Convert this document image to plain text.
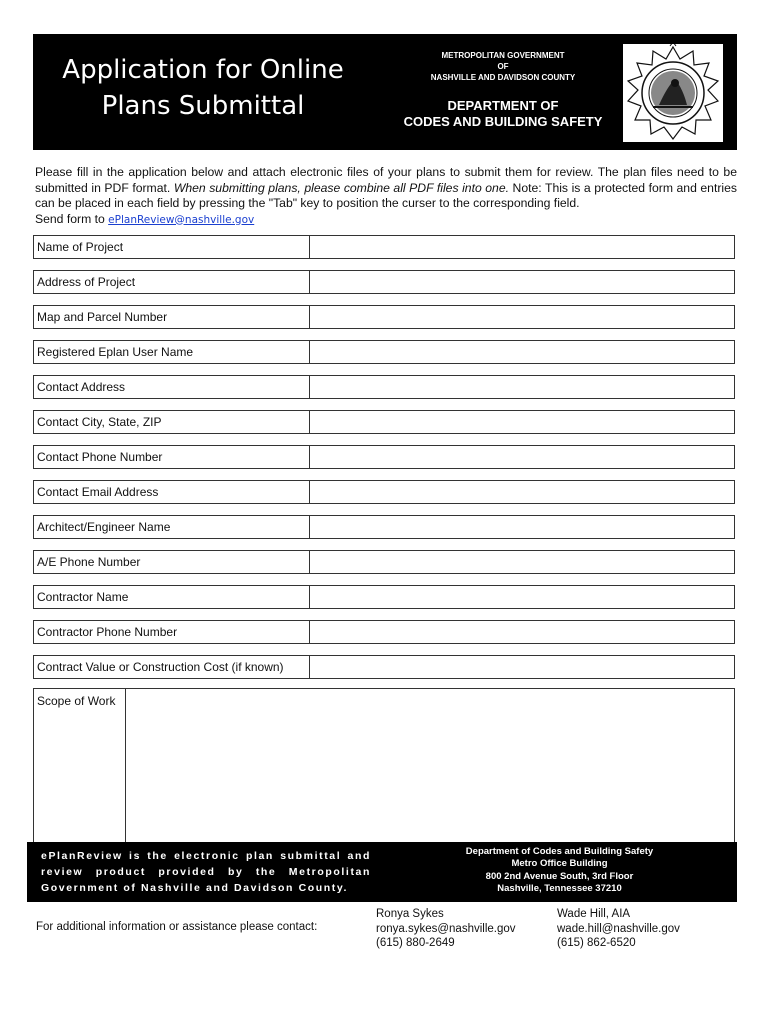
Application for Online
Plans Submittal
METROPOLITAN GOVERNMENT
OF
NASHVILLE AND DAVIDSON COUNTY
DEPARTMENT OF
CODES AND BUILDING SAFETY
Please fill in the application below and attach electronic files of your plans to submit them for review. The plan files need to be submitted in PDF format. When submitting plans, please combine all PDF files into one. Note: This is a protected form and entries can be placed in each field by pressing the "Tab" key to position the curser to the corresponding field.
Send form to ePlanReview@nashville.gov
Name of Project
Address of Project
Map and Parcel Number
Registered Eplan User Name
Contact Address
Contact City, State, ZIP
Contact Phone Number
Contact Email Address
Architect/Engineer Name
A/E Phone Number
Contractor Name
Contractor Phone Number
Contract Value or Construction Cost (if known)
Scope of Work
ePlanReview is the electronic plan submittal and review product provided by the Metropolitan Government of Nashville and Davidson County.
Department of Codes and Building Safety
Metro Office Building
800 2nd Avenue South, 3rd Floor
Nashville, Tennessee 37210
For additional information or assistance please contact:
Ronya Sykes
ronya.sykes@nashville.gov
(615) 880-2649
Wade Hill, AIA
wade.hill@nashville.gov
(615) 862-6520
